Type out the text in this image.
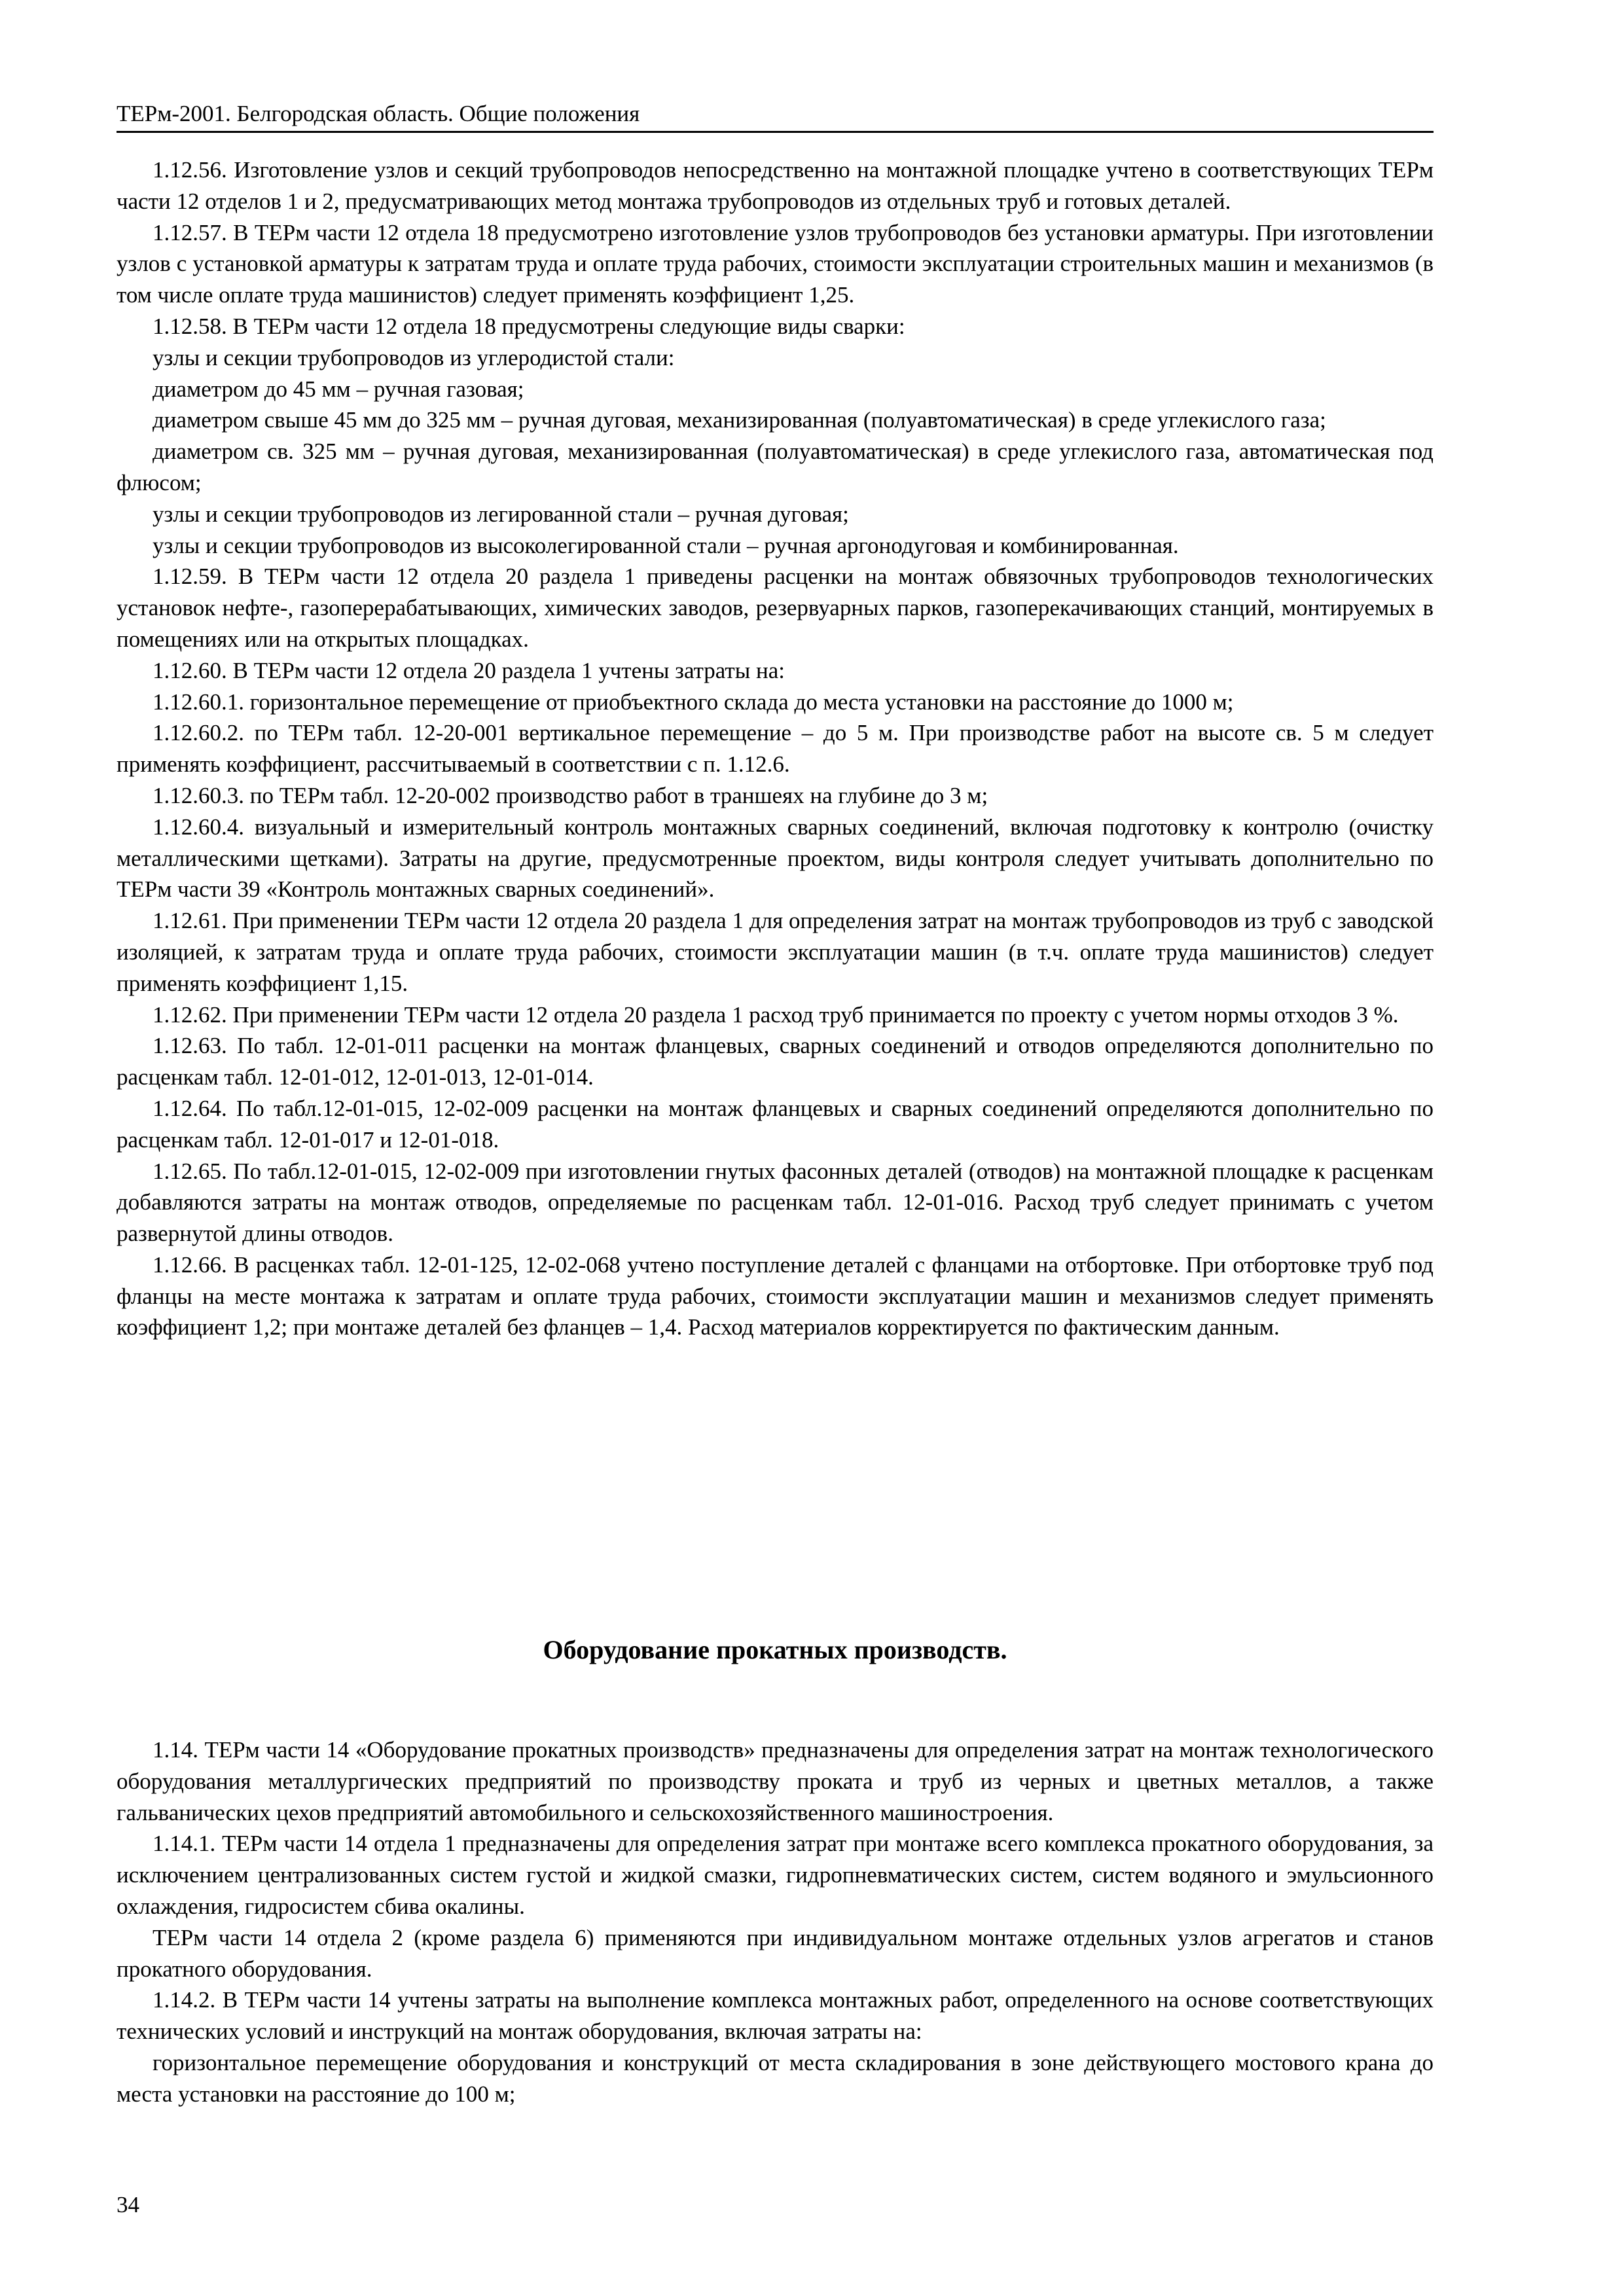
ТЕРм-2001. Белгородская область. Общие положения

1.12.56. Изготовление узлов и секций трубопроводов непосредственно на монтажной площадке учтено в соответствующих ТЕРм части 12 отделов 1 и 2, предусматривающих метод монтажа трубопроводов из отдельных труб и готовых деталей.

1.12.57. В ТЕРм части 12 отдела 18 предусмотрено изготовление узлов трубопроводов без установки арматуры. При изготовлении узлов с установкой арматуры к затратам труда и оплате труда рабочих, стоимости эксплуатации строительных машин и механизмов (в том числе оплате труда машинистов) следует применять коэффициент 1,25.

1.12.58. В ТЕРм части 12 отдела 18 предусмотрены следующие виды сварки:

узлы и секции трубопроводов из углеродистой стали:

диаметром до 45 мм – ручная газовая;

диаметром свыше 45 мм до 325 мм – ручная дуговая, механизированная (полуавтоматическая) в среде углекислого газа;

диаметром св. 325 мм – ручная дуговая, механизированная (полуавтоматическая) в среде углекислого газа, автоматическая под флюсом;

узлы и секции трубопроводов из легированной стали – ручная дуговая;

узлы и секции трубопроводов из высоколегированной стали – ручная аргонодуговая и комбинированная.

1.12.59. В ТЕРм части 12 отдела 20 раздела 1 приведены расценки на монтаж обвязочных трубопроводов технологических установок нефте-, газоперерабатывающих, химических заводов, резервуарных парков, газоперекачивающих станций, монтируемых в помещениях или на открытых площадках.

1.12.60. В ТЕРм части 12 отдела 20 раздела 1 учтены затраты на:

1.12.60.1. горизонтальное перемещение от приобъектного склада до места установки на расстояние до 1000 м;

1.12.60.2. по ТЕРм табл. 12-20-001 вертикальное перемещение – до 5 м. При производстве работ на высоте св. 5 м следует применять коэффициент, рассчитываемый в соответствии с п. 1.12.6.

1.12.60.3. по ТЕРм табл. 12-20-002 производство работ в траншеях на глубине до 3 м;

1.12.60.4. визуальный и измерительный контроль монтажных сварных соединений, включая подготовку к контролю (очистку металлическими щетками). Затраты на другие, предусмотренные проектом, виды контроля следует учитывать дополнительно по ТЕРм части 39 «Контроль монтажных сварных соединений».

1.12.61. При применении ТЕРм части 12 отдела 20 раздела 1 для определения затрат на монтаж трубопроводов из труб с заводской изоляцией, к затратам труда и оплате труда рабочих, стоимости эксплуатации машин (в т.ч. оплате труда машинистов) следует применять коэффициент 1,15.

1.12.62. При применении ТЕРм части 12 отдела 20 раздела 1 расход труб принимается по проекту с учетом нормы отходов 3 %.

1.12.63. По табл. 12-01-011 расценки на монтаж фланцевых, сварных соединений и отводов определяются дополнительно по расценкам табл. 12-01-012, 12-01-013, 12-01-014.

1.12.64. По табл.12-01-015, 12-02-009 расценки на монтаж фланцевых и сварных соединений определяются дополнительно по расценкам табл. 12-01-017 и 12-01-018.

1.12.65. По табл.12-01-015, 12-02-009 при изготовлении гнутых фасонных деталей (отводов) на монтажной площадке к расценкам добавляются затраты на монтаж отводов, определяемые по расценкам табл. 12-01-016. Расход труб следует принимать с учетом развернутой длины отводов.

1.12.66. В расценках табл. 12-01-125, 12-02-068 учтено поступление деталей с фланцами на отбортовке. При отбортовке труб под фланцы на месте монтажа к затратам и оплате труда рабочих, стоимости эксплуатации машин и механизмов следует применять коэффициент 1,2; при монтаже деталей без фланцев – 1,4. Расход материалов корректируется по фактическим данным.

Оборудование прокатных производств.

1.14. ТЕРм части 14 «Оборудование прокатных производств» предназначены для определения затрат на монтаж технологического оборудования металлургических предприятий по производству проката и труб из черных и цветных металлов, а также гальванических цехов предприятий автомобильного и сельскохозяйственного машиностроения.

1.14.1. ТЕРм части 14 отдела 1 предназначены для определения затрат при монтаже всего комплекса прокатного оборудования, за исключением централизованных систем густой и жидкой смазки, гидропневматических систем, систем водяного и эмульсионного охлаждения, гидросистем сбива окалины.

ТЕРм части 14 отдела 2 (кроме раздела 6) применяются при индивидуальном монтаже отдельных узлов агрегатов и станов прокатного оборудования.

1.14.2. В ТЕРм части 14 учтены затраты на выполнение комплекса монтажных работ, определенного на основе соответствующих технических условий и инструкций на монтаж оборудования, включая затраты на:

горизонтальное перемещение оборудования и конструкций от места складирования в зоне действующего мостового крана до места установки на расстояние до 100 м;

34
